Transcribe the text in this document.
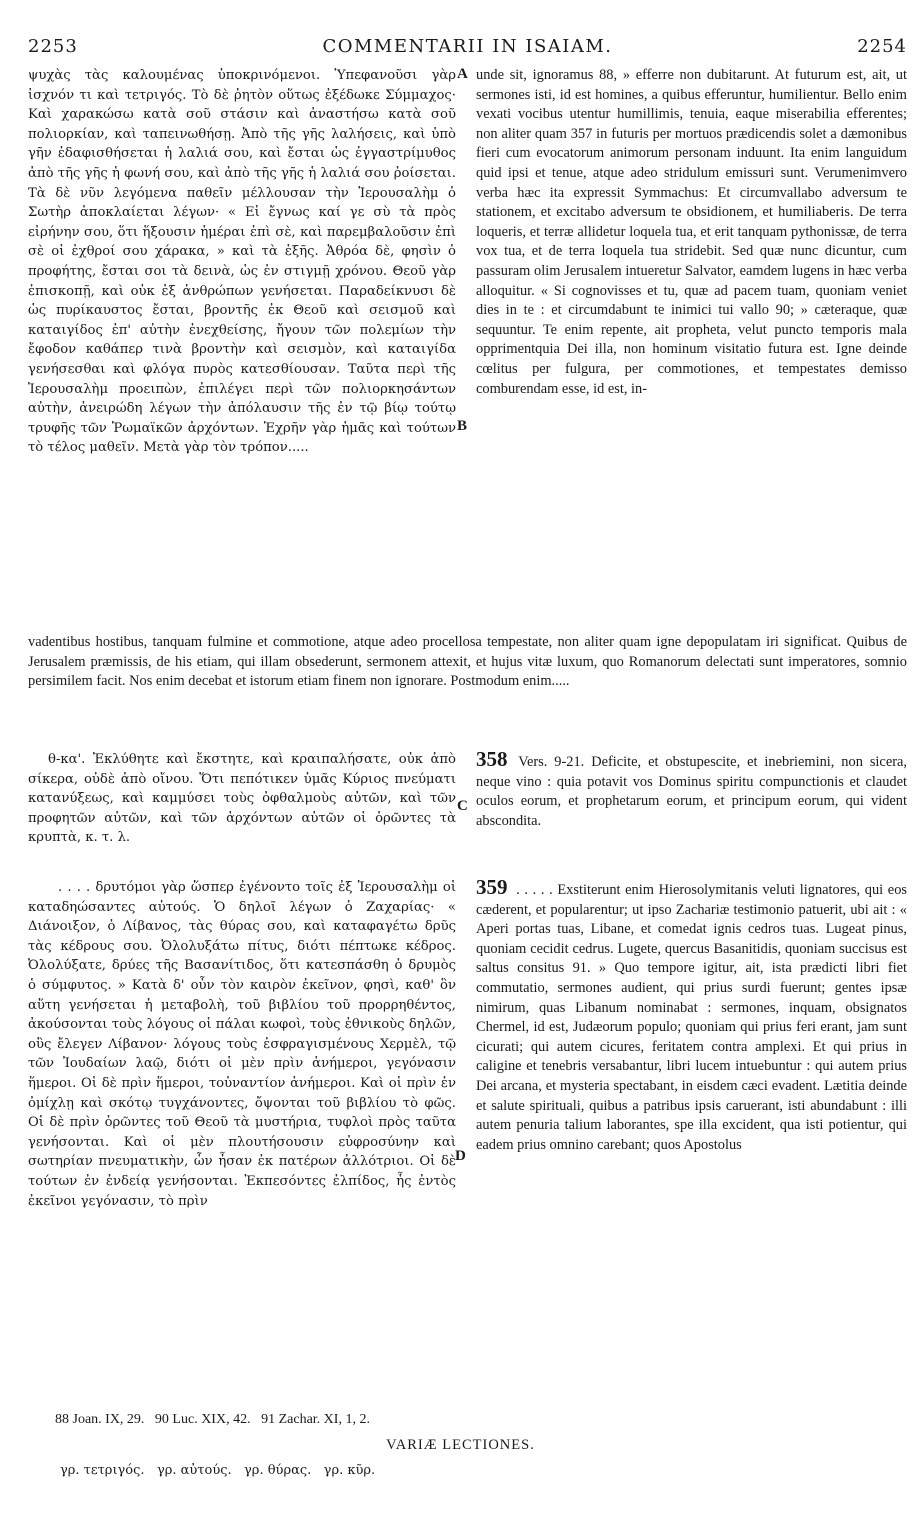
2253	COMMENTARII IN ISAIAM.	2254

ψυχὰς τὰς καλουμένας ὑποκρινόμενοι. Ὑπεφανοῦσι γὰρ ἰσχνόν τι καὶ τετριγός. Τὸ δὲ ῥητὸν οὕτως ἐξέδωκε Σύμμαχος· Καὶ χαρακώσω κατὰ σοῦ στάσιν καὶ ἀναστήσω κατὰ σοῦ πολιορκίαν, καὶ ταπεινωθήσῃ. Ἀπὸ τῆς γῆς λαλήσεις, καὶ ὑπὸ γῆν ἐδαφισθήσεται ἡ λαλιά σου, καὶ ἔσται ὡς ἐγγαστρίμυθος ἀπὸ τῆς γῆς ἡ φωνή σου, καὶ ἀπὸ τῆς γῆς ἡ λαλιά σου ῥοίσεται. Τὰ δὲ νῦν λεγόμενα παθεῖν μέλλουσαν τὴν Ἱερουσαλὴμ ὁ Σωτὴρ ἀποκλαίεται λέγων· « Εἰ ἔγνως καί γε σὺ τὰ πρὸς εἰρήνην σου, ὅτι ἥξουσιν ἡμέραι ἐπὶ σὲ, καὶ παρεμβαλοῦσιν ἐπὶ σὲ οἱ ἐχθροί σου χάρακα, » καὶ τὰ ἑξῆς. Ἀθρόα δὲ, φησὶν ὁ προφήτης, ἔσται σοι τὰ δεινὰ, ὡς ἐν στιγμῇ χρόνου. Θεοῦ γὰρ ἐπισκοπῇ, καὶ οὐκ ἐξ ἀνθρώπων γενήσεται. Παραδείκνυσι δὲ ὡς πυρίκαυστος ἔσται, βροντῆς ἐκ Θεοῦ καὶ σεισμοῦ καὶ καταιγίδος ἐπ' αὐτὴν ἐνεχθείσης, ἤγουν τῶν πολεμίων τὴν ἔφοδον καθάπερ τινὰ βροντὴν καὶ σεισμὸν, καὶ καταιγίδα γενήσεσθαι καὶ φλόγα πυρὸς κατεσθίουσαν. Ταῦτα περὶ τῆς Ἱερουσαλὴμ προειπὼν, ἐπιλέγει περὶ τῶν πολιορκησάντων αὐτὴν, ἀνειρώδη λέγων τὴν ἀπόλαυσιν τῆς ἐν τῷ βίῳ τούτῳ τρυφῆς τῶν Ῥωμαϊκῶν ἀρχόντων. Ἐχρῆν γὰρ ἡμᾶς καὶ τούτων τὸ τέλος μαθεῖν. Μετὰ γὰρ τὸν τρόπον.....

unde sit, ignoramus 88, » efferre non dubitarunt. At futurum est, ait, ut sermones isti, id est homines, a quibus efferuntur, humilientur. Bello enim vexati vocibus utentur humillimis, tenuia, eaque miserabilia efferentes; non aliter quam 357 in futuris per mortuos prædicendis solet a dæmonibus fieri cum evocatorum animorum personam induunt. Ita enim languidum quid ipsi et tenue, atque adeo stridulum emissuri sunt. Verumenimvero verba hæc ita expressit Symmachus: Et circumvallabo adversum te stationem, et excitabo adversum te obsidionem, et humiliaberis. De terra loqueris, et terræ allidetur loquela tua, et erit tanquam pythonissæ, de terra vox tua, et de terra loquela tua stridebit. Sed quæ nunc dicuntur, cum passuram olim Jerusalem intueretur Salvator, eamdem lugens in hæc verba alloquitur. « Si cognovisses et tu, quæ ad pacem tuam, quoniam veniet dies in te : et circumdabunt te inimici tui vallo 90; » cæteraque, quæ sequuntur. Te enim repente, ait propheta, velut puncto temporis mala opprimentquia Dei illa, non hominum visitatio futura est. Igne deinde cœlitus per fulgura, per commotiones, et tempestates demisso comburendam esse, id est, in-

A
B

vadentibus hostibus, tanquam fulmine et commotione, atque adeo procellosa tempestate, non aliter quam igne depopulatam iri significat. Quibus de Jerusalem præmissis, de his etiam, qui illam obsederunt, sermonem attexit, et hujus vitæ luxum, quo Romanorum delectati sunt imperatores, somnio persimilem facit. Nos enim decebat et istorum etiam finem non ignorare. Postmodum enim.....

θ-κα'. Ἐκλύθητε καὶ ἔκστητε, καὶ κραιπαλήσατε, οὐκ ἀπὸ σίκερα, οὐδὲ ἀπὸ οἴνου. Ὅτι πεπότικεν ὑμᾶς Κύριος πνεύματι κατανύξεως, καὶ καμμύσει τοὺς ὀφθαλμοὺς αὐτῶν, καὶ τῶν προφητῶν αὐτῶν, καὶ τῶν ἀρχόντων αὐτῶν οἱ ὁρῶντες τὰ κρυπτὰ, κ. τ. λ.

358 Vers. 9-21. Deficite, et obstupescite, et inebriemini, non sicera, neque vino : quia potavit vos Dominus spiritu compunctionis et claudet oculos eorum, et prophetarum eorum, et principum eorum, qui vident abscondita.

C

. . . . δρυτόμοι γὰρ ὥσπερ ἐγένοντο τοῖς ἐξ Ἱερουσαλὴμ οἱ καταδηώσαντες αὐτούς. Ὁ δηλοῖ λέγων ὁ Ζαχαρίας· « Διάνοιξον, ὁ Λίβανος, τὰς θύρας σου, καὶ καταφαγέτω δρῦς τὰς κέδρους σου. Ὀλολυξάτω πίτυς, διότι πέπτωκε κέδρος. Ὀλολύξατε, δρύες τῆς Βασανίτιδος, ὅτι κατεσπάσθη ὁ δρυμὸς ὁ σύμφυτος. » Κατὰ δ' οὖν τὸν καιρὸν ἐκεῖνον, φησὶ, καθ' ὃν αὕτη γενήσεται ἡ μεταβολὴ, τοῦ βιβλίου τοῦ προρρηθέντος, ἀκούσονται τοὺς λόγους οἱ πάλαι κωφοὶ, τοὺς ἐθνικοὺς δηλῶν, οὓς ἔλεγεν Λίβανον· λόγους τοὺς ἐσφραγισμένους Χερμὲλ, τῷ τῶν Ἰουδαίων λαῷ, διότι οἱ μὲν πρὶν ἀνήμεροι, γεγόνασιν ἥμεροι. Οἱ δὲ πρὶν ἥμεροι, τοὐναντίον ἀνήμεροι. Καὶ οἱ πρὶν ἐν ὀμίχλῃ καὶ σκότῳ τυγχάνοντες, ὄψονται τοῦ βιβλίου τὸ φῶς. Οἱ δὲ πρὶν ὁρῶντες τοῦ Θεοῦ τὰ μυστήρια, τυφλοὶ πρὸς ταῦτα γενήσονται. Καὶ οἱ μὲν πλουτήσουσιν εὐφροσύνην καὶ σωτηρίαν πνευματικὴν, ὧν ἦσαν ἐκ πατέρων ἀλλότριοι. Οἱ δὲ τούτων ἐν ἐνδείᾳ γενήσονται. Ἐκπεσόντες ἐλπίδος, ἧς ἐντὸς ἐκεῖνοι γεγόνασιν, τὸ πρὶν

359 . . . . . Exstiterunt enim Hierosolymitanis veluti lignatores, qui eos cæderent, et popularentur; ut ipso Zachariæ testimonio patuerit, ubi ait : « Aperi portas tuas, Libane, et comedat ignis cedros tuas. Lugeat pinus, quoniam cecidit cedrus. Lugete, quercus Basanitidis, quoniam succisus est saltus consitus 91. » Quo tempore igitur, ait, ista prædicti libri fiet commutatio, sermones audient, qui prius surdi fuerunt; gentes ipsæ nimirum, quas Libanum nominabat : sermones, inquam, obsignatos Chermel, id est, Judæorum populo; quoniam qui prius feri erant, jam sunt cicurati; qui autem cicures, feritatem contra amplexi. Et qui prius in caligine et tenebris versabantur, libri lucem intuebuntur : qui autem prius Dei arcana, et mysteria spectabant, in eisdem cæci evadent. Lætitia deinde et salute spirituali, quibus a patribus ipsis caruerant, isti abundabunt : illi autem penuria talium laborantes, spe illa excident, qua isti potientur, qui eadem prius omnino carebant; quos Apostolus

D
88 Joan. IX, 29.   90 Luc. XIX, 42.   91 Zachar. XI, 1, 2.
VARIÆ LECTIONES.
γρ. τετριγός.   γρ. αὐτούς.   γρ. θύρας.   γρ. κῦρ.
